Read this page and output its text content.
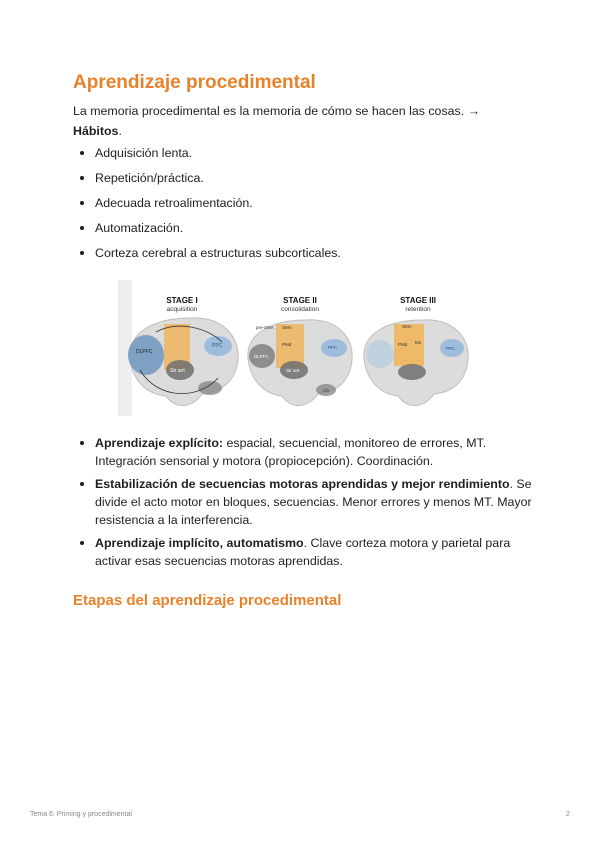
Aprendizaje procedimental

La memoria procedimental es la memoria de cómo se hacen las cosas. →
Hábitos.

Adquisición lenta.
Repetición/práctica.
Adecuada retroalimentación.
Automatización.
Corteza cerebral a estructuras subcorticales.
DLPFC
Str ant
PPC
STAGE I
acquisition
pre-SMA SMA
DLPFC
PMd
PPC
Str ant
Cb
STAGE II
consolidation
SMA
PMd M1
PPC
STAGE III
retention
Aprendizaje explícito: espacial, secuencial, monitoreo de errores, MT. Integración sensorial y motora (propiocepción). Coordinación.
Estabilización de secuencias motoras aprendidas y mejor rendimiento. Se divide el acto motor en bloques, secuencias. Menor errores y menos MT. Mayor resistencia a la interferencia.
Aprendizaje implícito, automatismo. Clave corteza motora y parietal para activar esas secuencias motoras aprendidas.
Etapas del aprendizaje procedimental
Tema 6: Priming y procedimental	2
